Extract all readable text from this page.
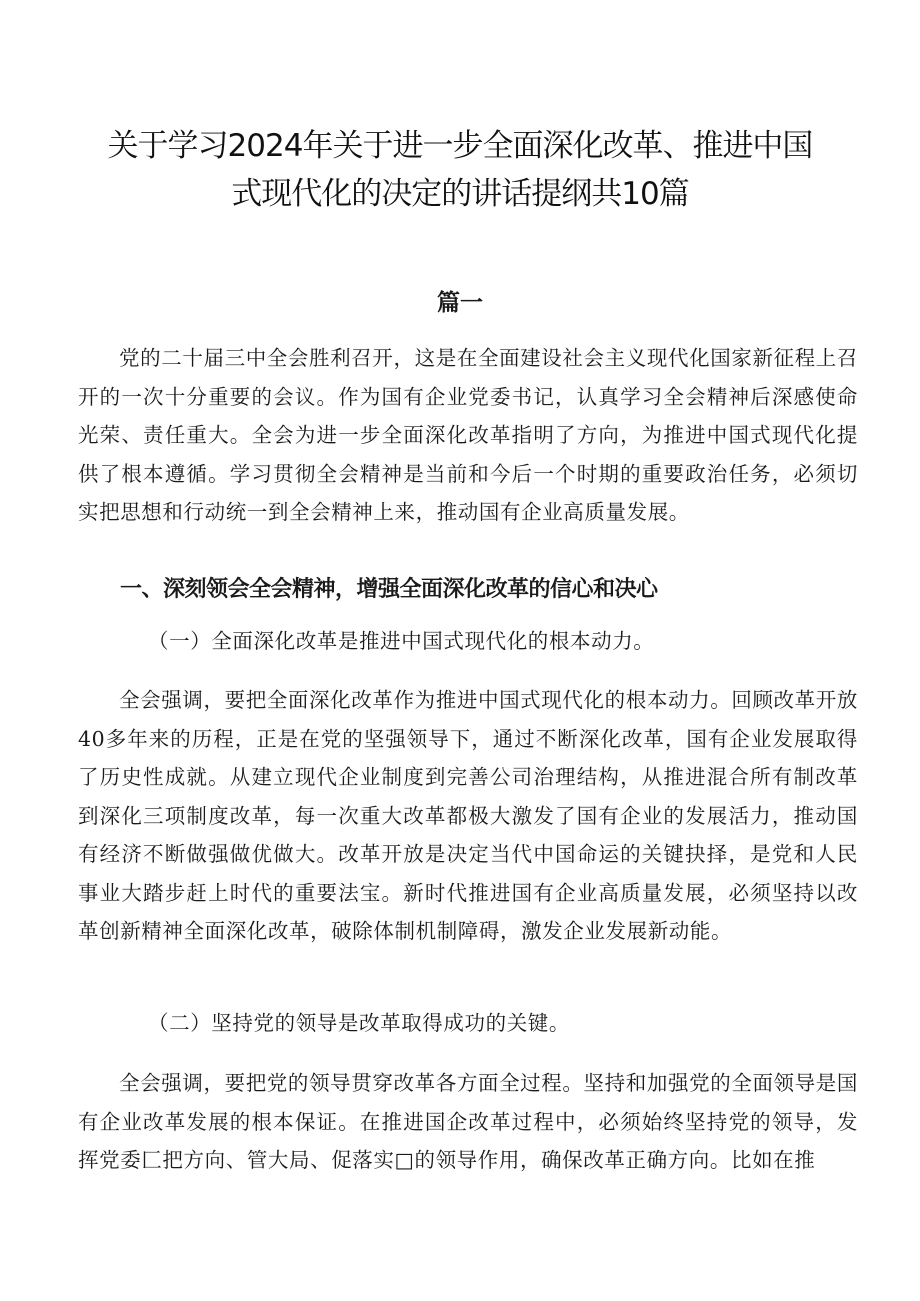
关于学习2024年关于进一步全面深化改革、推进中国
式现代化的决定的讲话提纲共10篇
篇一

党的二十届三中全会胜利召开，这是在全面建设社会主义现代化国家新征程上召开的一次十分重要的会议。作为国有企业党委书记，认真学习全会精神后深感使命光荣、责任重大。全会为进一步全面深化改革指明了方向，为推进中国式现代化提供了根本遵循。学习贯彻全会精神是当前和今后一个时期的重要政治任务，必须切实把思想和行动统一到全会精神上来，推动国有企业高质量发展。

一、深刻领会全会精神，增强全面深化改革的信心和决心

（一）全面深化改革是推进中国式现代化的根本动力。

全会强调，要把全面深化改革作为推进中国式现代化的根本动力。回顾改革开放40多年来的历程，正是在党的坚强领导下，通过不断深化改革，国有企业发展取得了历史性成就。从建立现代企业制度到完善公司治理结构，从推进混合所有制改革到深化三项制度改革，每一次重大改革都极大激发了国有企业的发展活力，推动国有经济不断做强做优做大。改革开放是决定当代中国命运的关键抉择，是党和人民事业大踏步赶上时代的重要法宝。新时代推进国有企业高质量发展，必须坚持以改革创新精神全面深化改革，破除体制机制障碍，激发企业发展新动能。

（二）坚持党的领导是改革取得成功的关键。

全会强调，要把党的领导贯穿改革各方面全过程。坚持和加强党的全面领导是国有企业改革发展的根本保证。在推进国企改革过程中，必须始终坚持党的领导，发挥党委匚把方向、管大局、促落实□的领导作用，确保改革正确方向。比如在推
